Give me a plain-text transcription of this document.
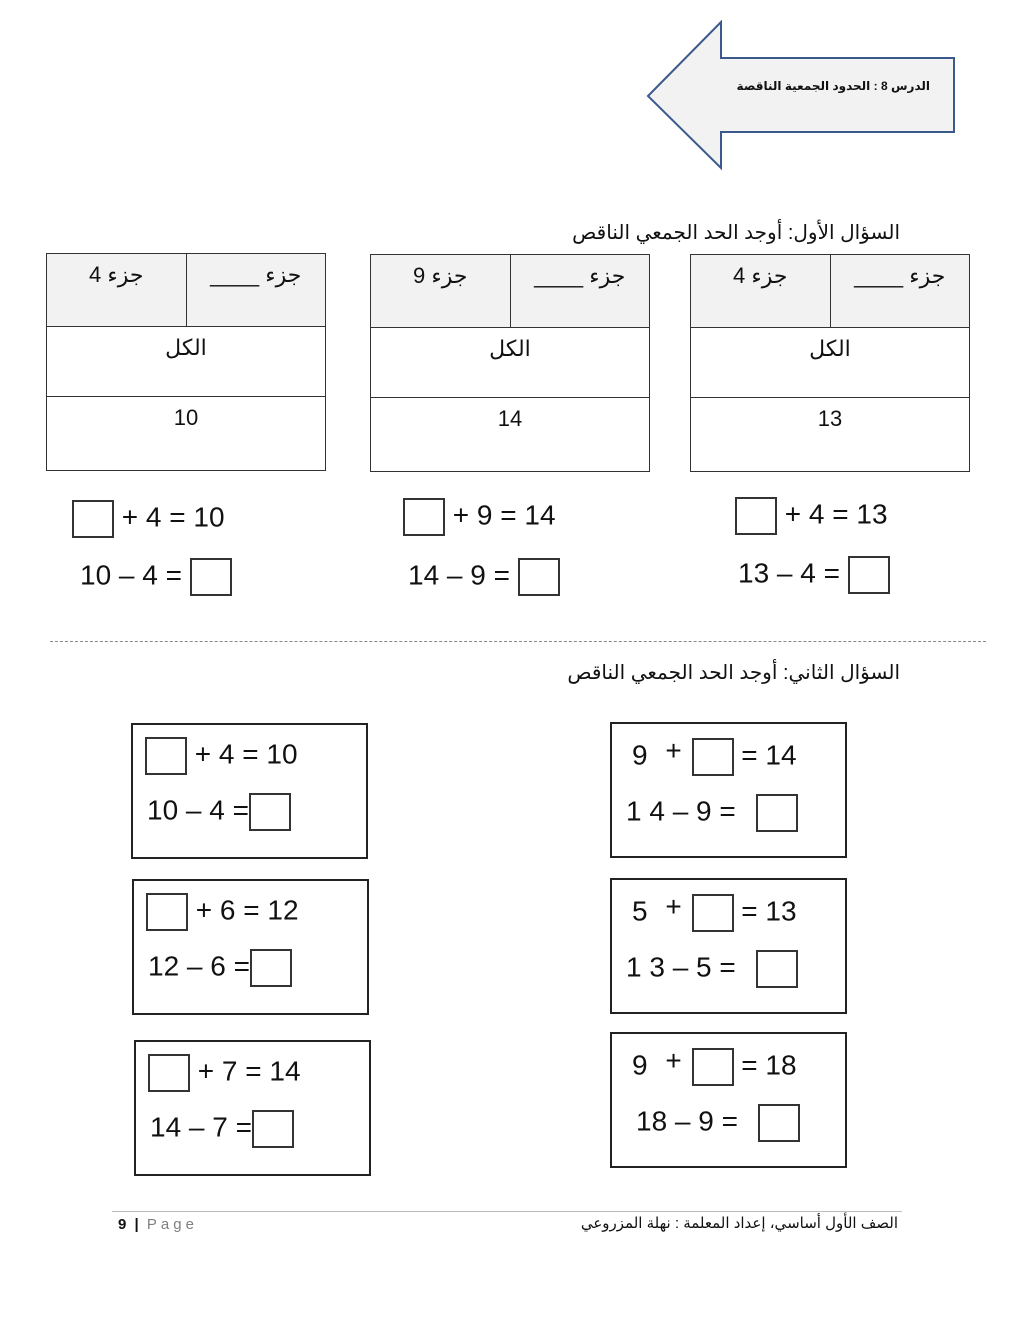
الدرس 8 : الحدود الجمعية الناقصة
السؤال الأول: أوجد الحد الجمعي الناقص
جزء 4	جزء ____
الكل
10
جزء 9	جزء ____
الكل
14
جزء 4	جزء ____
الكل
13
+ 4 = 10
10 – 4 =
+ 9 = 14
14 – 9 =
+ 4 = 13
13 – 4 =
السؤال الثاني: أوجد الحد الجمعي الناقص
+ 4 = 10
10 – 4 =
+ 6 = 12
12 – 6 =
+ 7 = 14
14 – 7 =
9 + = 14
1 4 – 9 =
5 + = 13
1 3 – 5 =
9 + = 18
18 – 9 =
9 | Page	الصف الأول أساسي، إعداد المعلمة : نهلة المزروعي
